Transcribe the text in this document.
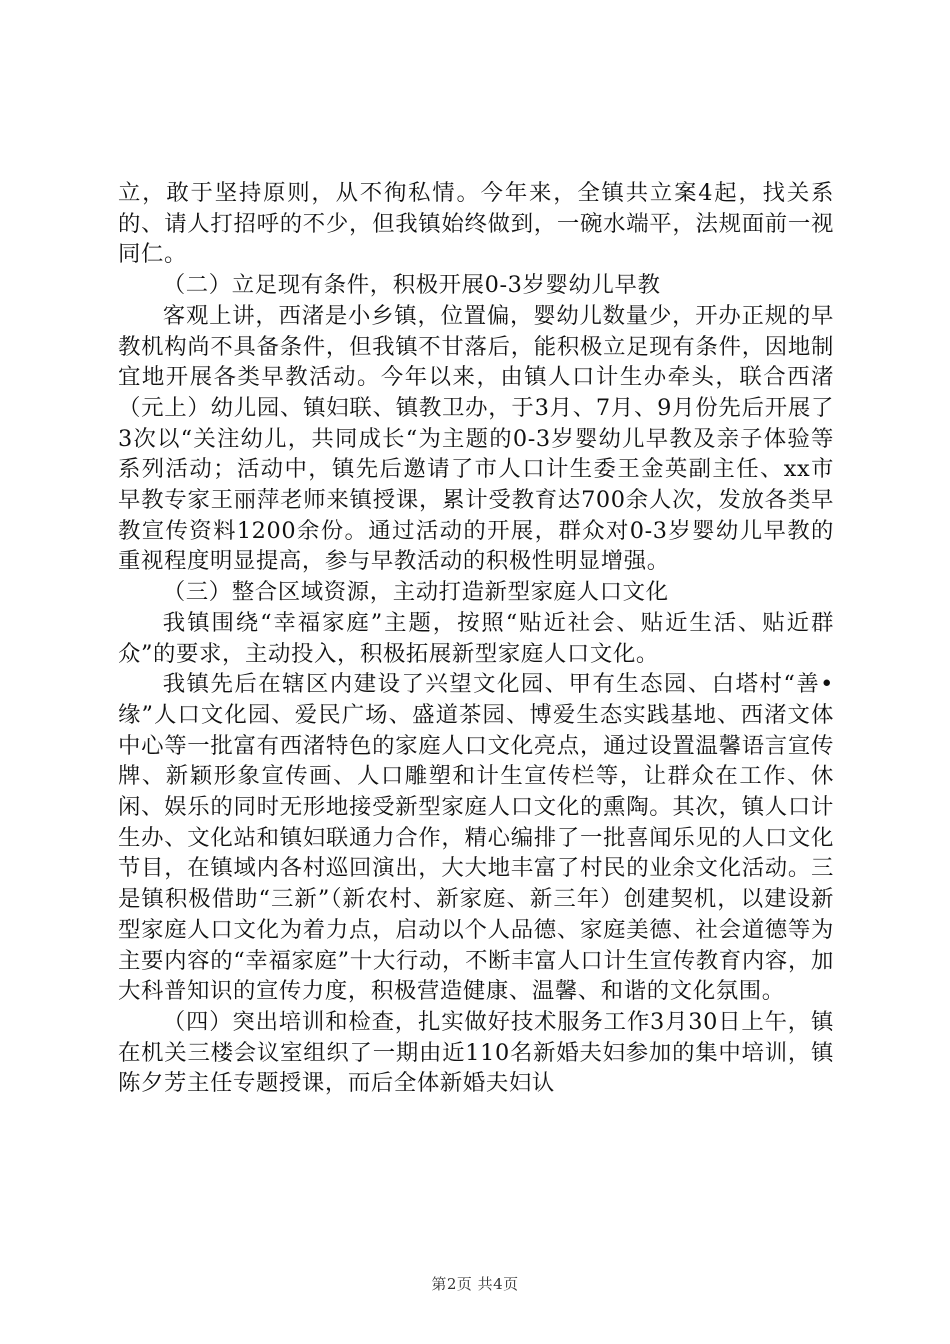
立，敢于坚持原则，从不徇私情。今年来，全镇共立案4起，找关系的、请人打招呼的不少，但我镇始终做到，一碗水端平，法规面前一视同仁。

（二）立足现有条件，积极开展0-3岁婴幼儿早教

客观上讲，西渚是小乡镇，位置偏，婴幼儿数量少，开办正规的早教机构尚不具备条件，但我镇不甘落后，能积极立足现有条件，因地制宜地开展各类早教活动。今年以来，由镇人口计生办牵头，联合西渚（元上）幼儿园、镇妇联、镇教卫办，于3月、7月、9月份先后开展了3次以“关注幼儿，共同成长“为主题的0-3岁婴幼儿早教及亲子体验等系列活动；活动中，镇先后邀请了市人口计生委王金英副主任、xx市早教专家王丽萍老师来镇授课，累计受教育达700余人次，发放各类早教宣传资料1200余份。通过活动的开展，群众对0-3岁婴幼儿早教的重视程度明显提高，参与早教活动的积极性明显增强。

（三）整合区域资源，主动打造新型家庭人口文化

我镇围绕“幸福家庭”主题，按照“贴近社会、贴近生活、贴近群众”的要求，主动投入，积极拓展新型家庭人口文化。

我镇先后在辖区内建设了兴望文化园、甲有生态园、白塔村“善•缘”人口文化园、爱民广场、盛道茶园、博爱生态实践基地、西渚文体中心等一批富有西渚特色的家庭人口文化亮点，通过设置温馨语言宣传牌、新颖形象宣传画、人口雕塑和计生宣传栏等，让群众在工作、休闲、娱乐的同时无形地接受新型家庭人口文化的熏陶。其次，镇人口计生办、文化站和镇妇联通力合作，精心编排了一批喜闻乐见的人口文化节目，在镇域内各村巡回演出，大大地丰富了村民的业余文化活动。三是镇积极借助“三新”（新农村、新家庭、新三年）创建契机，以建设新型家庭人口文化为着力点，启动以个人品德、家庭美德、社会道德等为主要内容的“幸福家庭”十大行动，不断丰富人口计生宣传教育内容，加大科普知识的宣传力度，积极营造健康、温馨、和谐的文化氛围。

（四）突出培训和检查，扎实做好技术服务工作3月30日上午，镇在机关三楼会议室组织了一期由近110名新婚夫妇参加的集中培训，镇陈夕芳主任专题授课，而后全体新婚夫妇认

第2页 共4页
